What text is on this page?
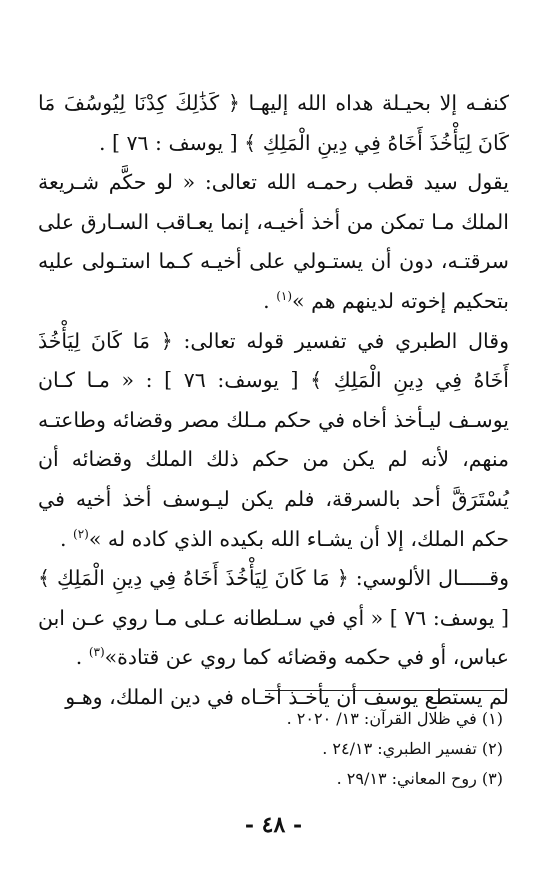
كنفـه إلا بحيـلة هداه الله إليهـا ﴿ كَذَٰلِكَ كِدْنَا لِيُوسُفَ مَا كَانَ لِيَأْخُذَ أَخَاهُ فِي دِينِ الْمَلِكِ ﴾ [ يوسف : ٧٦ ] .

يقول سيد قطب رحمـه الله تعالى: « لو حكَّم شـريعة الملك مـا تمكن من أخذ أخيـه، إنما يعـاقب السـارق على سرقتـه، دون أن يستـولي على أخيـه كـما استـولى عليه بتحكيم إخوته لدينهم هم »$^{(١)}$ .

وقال الطبري في تفسير قوله تعالى: ﴿ مَا كَانَ لِيَأْخُذَ أَخَاهُ فِي دِينِ الْمَلِكِ ﴾ [ يوسف: ٧٦ ] : « مـا كـان يوسـف ليـأخذ أخاه في حكم مـلك مصر وقضائه وطاعتـه منهم، لأنه لم يكن من حكم ذلك الملك وقضائه أن يُسْتَرَقَّ أحد بالسرقة، فلم يكن ليـوسف أخذ أخيه في حكم الملك، إلا أن يشـاء الله بكيده الذي كاده له »$^{(٢)}$ .

وقـــــال الألوسي: ﴿ مَا كَانَ لِيَأْخُذَ أَخَاهُ فِي دِينِ الْمَلِكِ ﴾ [ يوسف: ٧٦ ] « أي في سـلطانه عـلى مـا روي عـن ابن عباس، أو في حكمه وقضائه كما روي عن قتادة»$^{(٣)}$ .

لم يستطع يوسف أن يأخـذ أخـاه في دين الملك، وهـو

(١) في ظلال القرآن: ١٣/ ٢٠٢٠ .
(٢) تفسير الطبري: ٢٤/١٣ .
(٣) روح المعاني: ٢٩/١٣ .
- ٤٨ -
